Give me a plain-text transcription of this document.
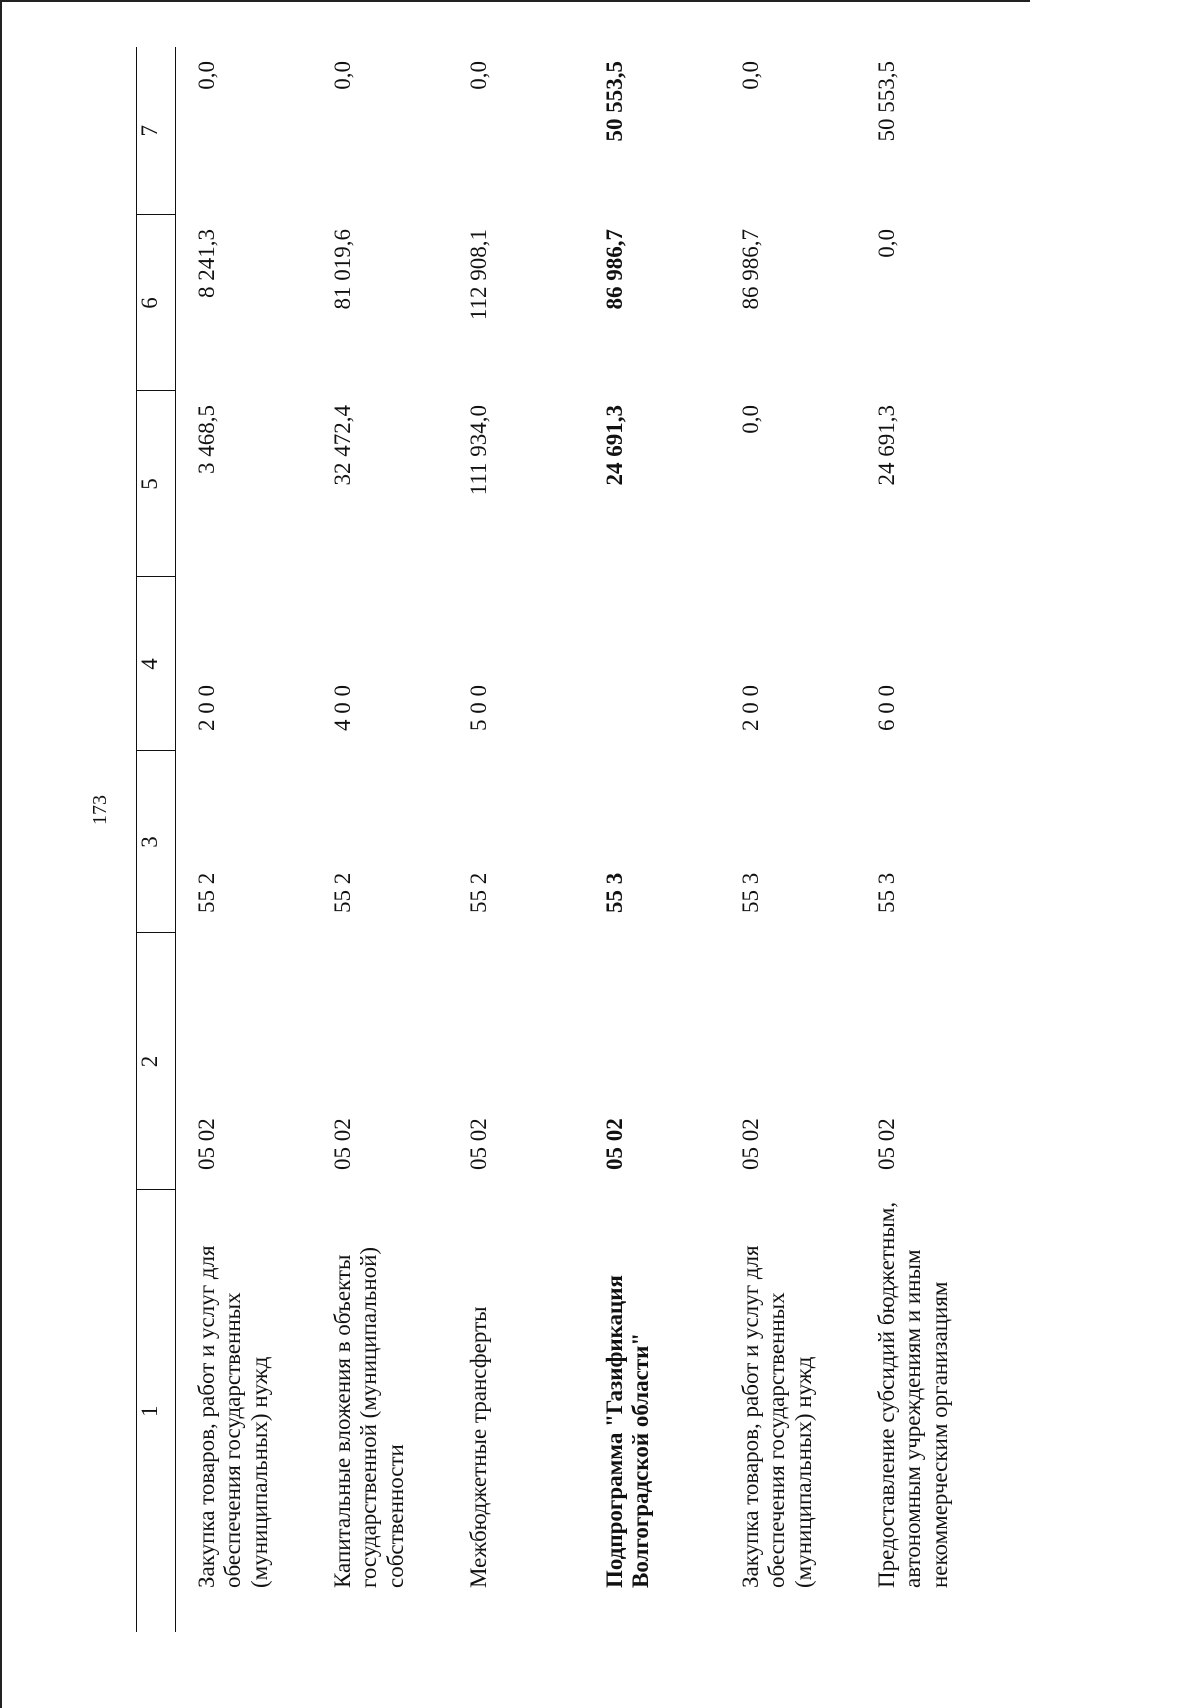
173
1	2	3	4	5	6	7
Закупка товаров, работ и услуг для обеспечения государственных (муниципальных) нужд	05 02	55 2	2 0 0	3 468,5	8 241,3	0,0
Капитальные вложения в объекты государственной (муниципальной) собственности	05 02	55 2	4 0 0	32 472,4	81 019,6	0,0
Межбюджетные трансферты	05 02	55 2	5 0 0	111 934,0	112 908,1	0,0
Подпрограмма "Газификация Волгоградской области"	05 02	55 3		24 691,3	86 986,7	50 553,5
Закупка товаров, работ и услуг для обеспечения государственных (муниципальных) нужд	05 02	55 3	2 0 0	0,0	86 986,7	0,0
Предоставление субсидий бюджетным, автономным учреждениям и иным некоммерческим организациям	05 02	55 3	6 0 0	24 691,3	0,0	50 553,5
